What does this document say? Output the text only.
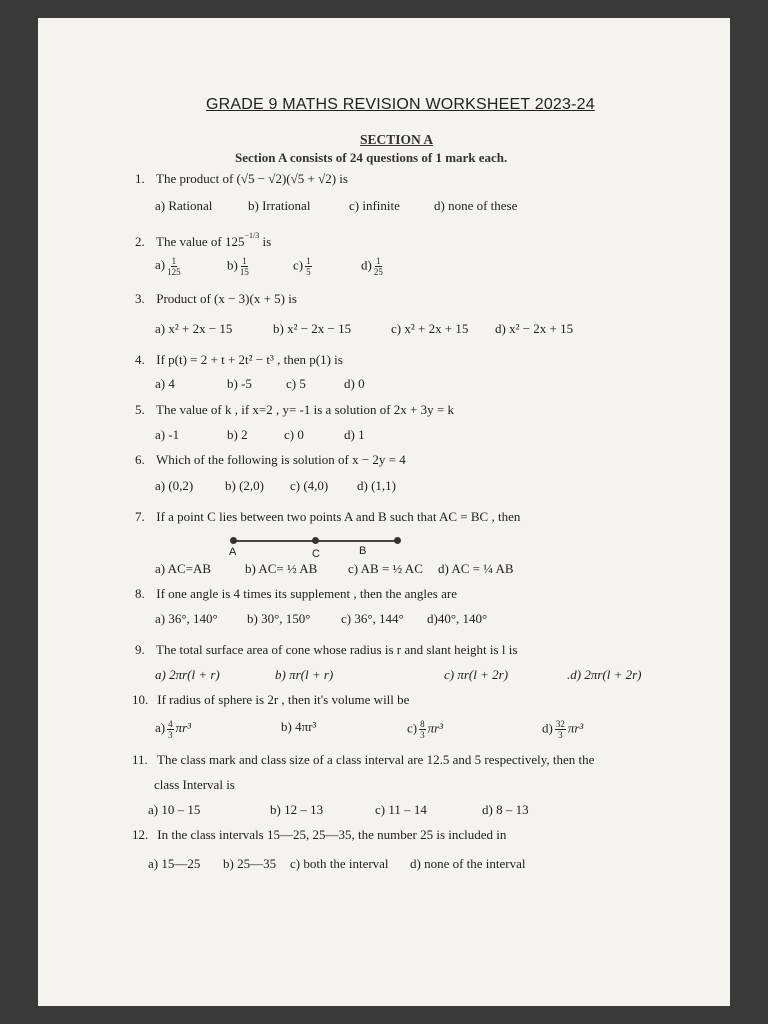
GRADE 9 MATHS REVISION WORKSHEET 2023-24
SECTION A
Section A consists of 24 questions of 1 mark each.
1. The product of (√5 − √2)(√5 + √2) is
a) Rational	b) Irrational	c) infinite	d) none of these
2. The value of $125^{-1/3}$ is
$a) \frac{1}{125}$	$b) \frac{1}{15}$	$c) \frac{1}{5}$	$d) \frac{1}{25}$
3. Product of (x − 3)(x + 5) is
a) x² + 2x − 15	b) x² − 2x − 15	c) x² + 2x + 15 d) x² − 2x + 15
4. If p(t) = 2 + t + 2t² − t³ , then p(1) is
a) 4	b) -5	c) 5	d) 0
5. The value of k , if x=2 , y= -1 is a solution of 2x + 3y = k
a) -1	b) 2	c) 0	d) 1
6. Which of the following is solution of x − 2y = 4
a) (0,2) b) (2,0) c) (4,0) d) (1,1)
7. If a point C lies between two points A and B such that AC = BC , then
A	C	B
a) AC=AB	b) AC= ½ AB c) AB = ½ AC d) AC = ¼ AB
8. If one angle is 4 times its supplement , then the angles are
a) 36°, 140° b) 30°, 150° c) 36°, 144° d)40°, 140°
9. The total surface area of cone whose radius is r and slant height is l is
a) 2πr(l + r)	b) πr(l + r)	c) πr(l + 2r)	.d) 2πr(l + 2r)
10. If radius of sphere is 2r , then it's volume will be
$a) \frac{4}{3} \pi r^3$	b) 4πr³	$c) \frac{8}{3} \pi r^3$	$d) \frac{32}{3} \pi r^3$
11. The class mark and class size of a class interval are 12.5 and 5 respectively, then the
class Interval is
a) 10 – 15	b) 12 – 13	c) 11 – 14	d) 8 – 13
12. In the class intervals 15—25, 25—35, the number 25 is included in
a) 15—25 b) 25—35 c) both the interval d) none of the interval
